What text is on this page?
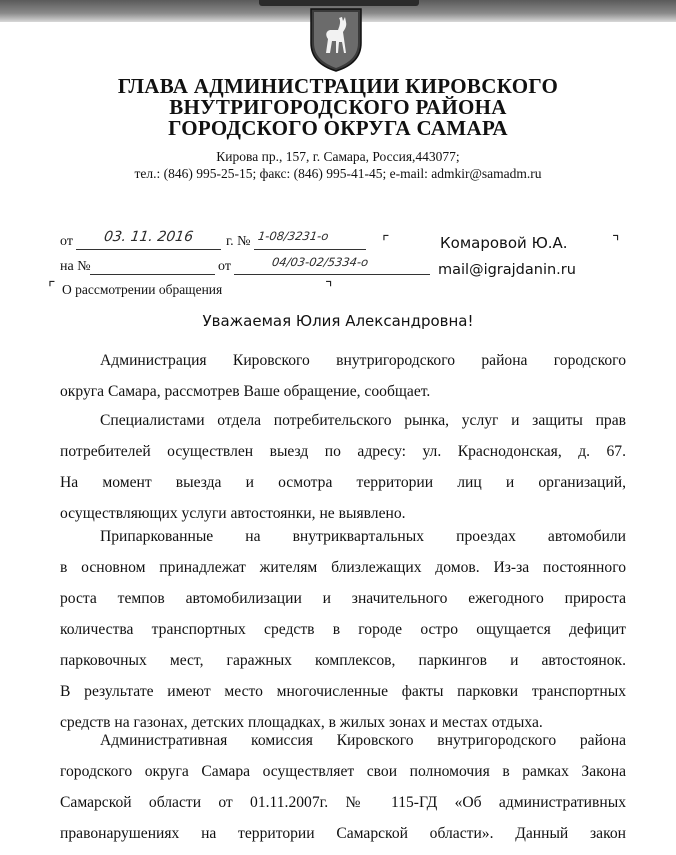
ГЛАВА АДМИНИСТРАЦИИ КИРОВСКОГО
ВНУТРИГОРОДСКОГО РАЙОНА
ГОРОДСКОГО ОКРУГА САМАРА
Кирова пр., 157, г. Самара, Россия,443077;
тел.: (846) 995-25-15; факс: (846) 995-41-45; e-mail: admkir@samadm.ru
от 03. 11. 2016 г. № 1-08/3231-о	⌜	Комаровой Ю.А.	⌝
на №	от	04/03-02/5334-о	mail@igrajdanin.ru
⌜ О рассмотрении обращения	⌝
Уважаемая Юлия Александровна!
Администрация Кировского внутригородского района городского
округа Самара, рассмотрев Ваше обращение, сообщает.
Специалистами отдела потребительского рынка, услуг и защиты прав
потребителей осуществлен выезд по адресу: ул. Краснодонская, д. 67.
На момент выезда и осмотра территории лиц и организаций,
осуществляющих услуги автостоянки, не выявлено.
Припаркованные на внутриквартальных проездах автомобили
в основном принадлежат жителям близлежащих домов. Из-за постоянного
роста темпов автомобилизации и значительного ежегодного прироста
количества транспортных средств в городе остро ощущается дефицит
парковочных мест, гаражных комплексов, паркингов и автостоянок.
В результате имеют место многочисленные факты парковки транспортных
средств на газонах, детских площадках, в жилых зонах и местах отдыха.
Административная комиссия Кировского внутригородского района
городского округа Самара осуществляет свои полномочия в рамках Закона
Самарской области от 01.11.2007г. № 115-ГД «Об административных
правонарушениях на территории Самарской области». Данный закон
